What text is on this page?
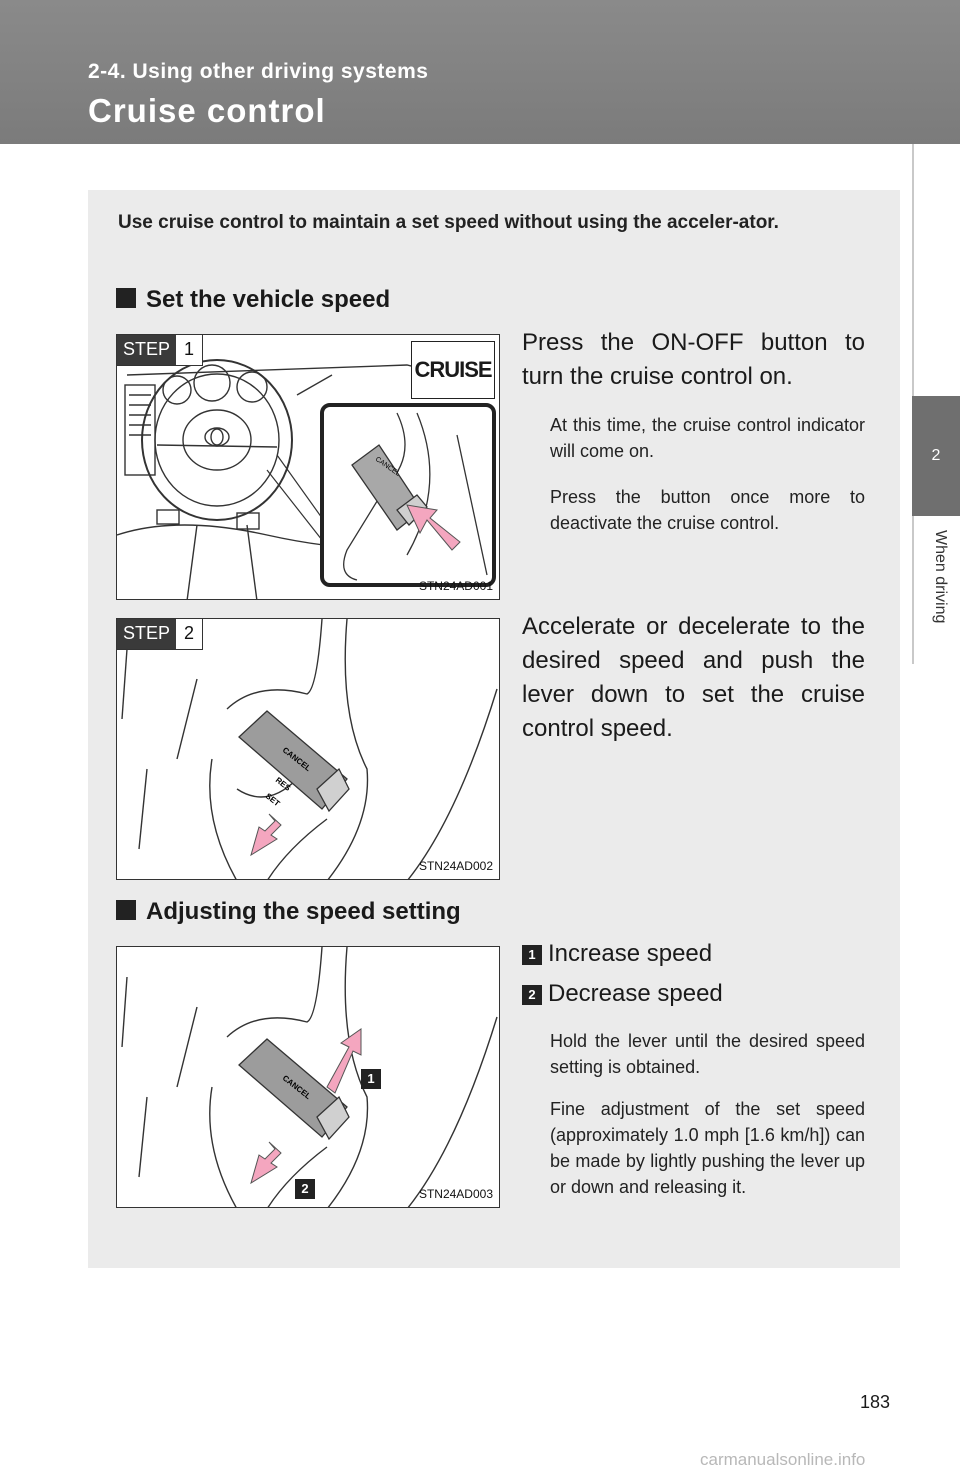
2-4. Using other driving systems
Cruise control
2
When driving
Use cruise control to maintain a set speed without using the acceler-ator.
Set the vehicle speed
CANCEL
CRUISE
STEP 1
STN24AD001
Press the ON-OFF button to turn the cruise control on.
At this time, the cruise control indicator will come on.
Press the button once more to deactivate the cruise control.
CANCEL
RES
SET
STEP 2
STN24AD002
Accelerate or decelerate to the desired speed and push the lever down to set the cruise control speed.
Adjusting the speed setting
CANCEL	1
2	STN24AD003
1 Increase speed
2 Decrease speed
Hold the lever until the desired speed setting is obtained.
Fine adjustment of the set speed (approximately 1.0 mph [1.6 km/h]) can be made by lightly pushing the lever up or down and releasing it.
183
carmanualsonline.info
